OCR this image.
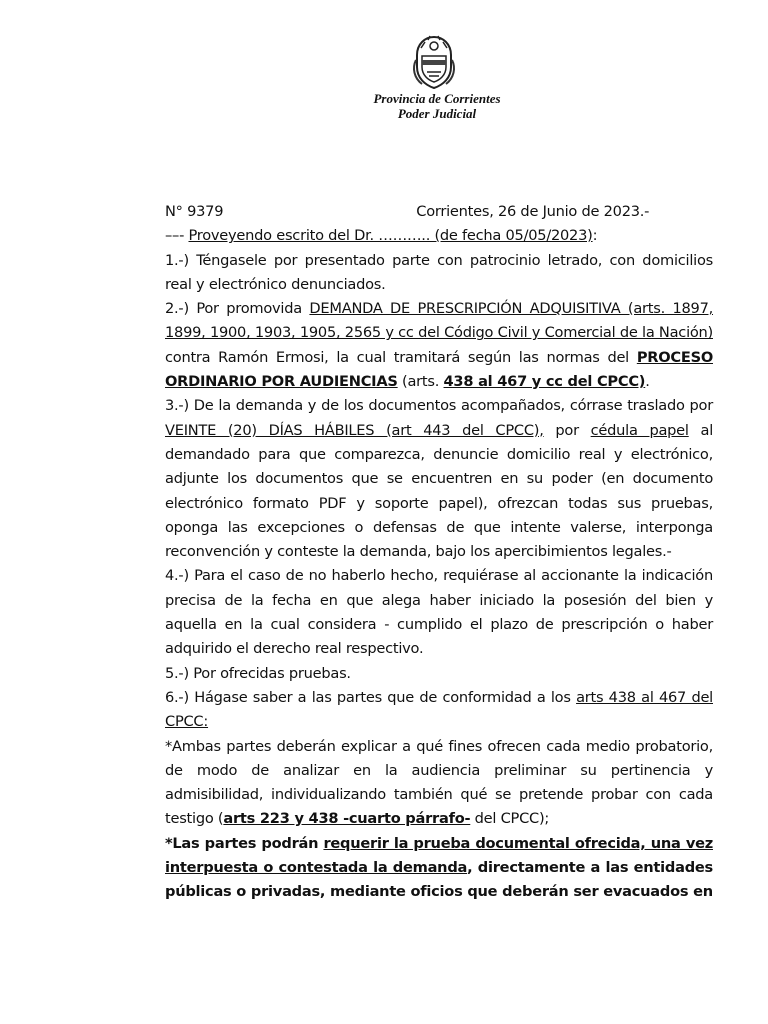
Provincia de Corrientes
Poder Judicial

N° 9379	Corrientes, 26 de Junio de 2023.-

––- Proveyendo escrito del Dr. ……….. (de fecha 05/05/2023):

1.-) Téngasele por presentado parte con patrocinio letrado, con domicilios real y electrónico denunciados.

2.-) Por promovida DEMANDA DE PRESCRIPCIÓN ADQUISITIVA (arts. 1897, 1899, 1900, 1903, 1905, 2565 y cc del Código Civil y Comercial de la Nación) contra Ramón Ermosi, la cual tramitará según las normas del PROCESO ORDINARIO POR AUDIENCIAS (arts. 438 al 467 y cc del CPCC).

3.-) De la demanda y de los documentos acompañados, córrase traslado por VEINTE (20) DÍAS HÁBILES (art 443 del CPCC), por cédula papel al demandado para que comparezca, denuncie domicilio real y electrónico, adjunte los documentos que se encuentren en su poder (en documento electrónico formato PDF y soporte papel), ofrezcan todas sus pruebas, oponga las excepciones o defensas de que intente valerse, interponga reconvención y conteste la demanda, bajo los apercibimientos legales.-

4.-) Para el caso de no haberlo hecho, requiérase al accionante la indicación precisa de la fecha en que alega haber iniciado la posesión del bien y aquella en la cual considera - cumplido el plazo de prescripción o haber adquirido el derecho real respectivo.

5.-) Por ofrecidas pruebas.

6.-) Hágase saber a las partes que de conformidad a los arts 438 al 467 del CPCC:

*Ambas partes deberán explicar a qué fines ofrecen cada medio probatorio, de modo de analizar en la audiencia preliminar su pertinencia y admisibilidad, individualizando también qué se pretende probar con cada testigo (arts 223 y 438 -cuarto párrafo- del CPCC);

*Las partes podrán requerir la prueba documental ofrecida, una vez interpuesta o contestada la demanda, directamente a las entidades públicas o privadas, mediante oficios que deberán ser evacuados en
